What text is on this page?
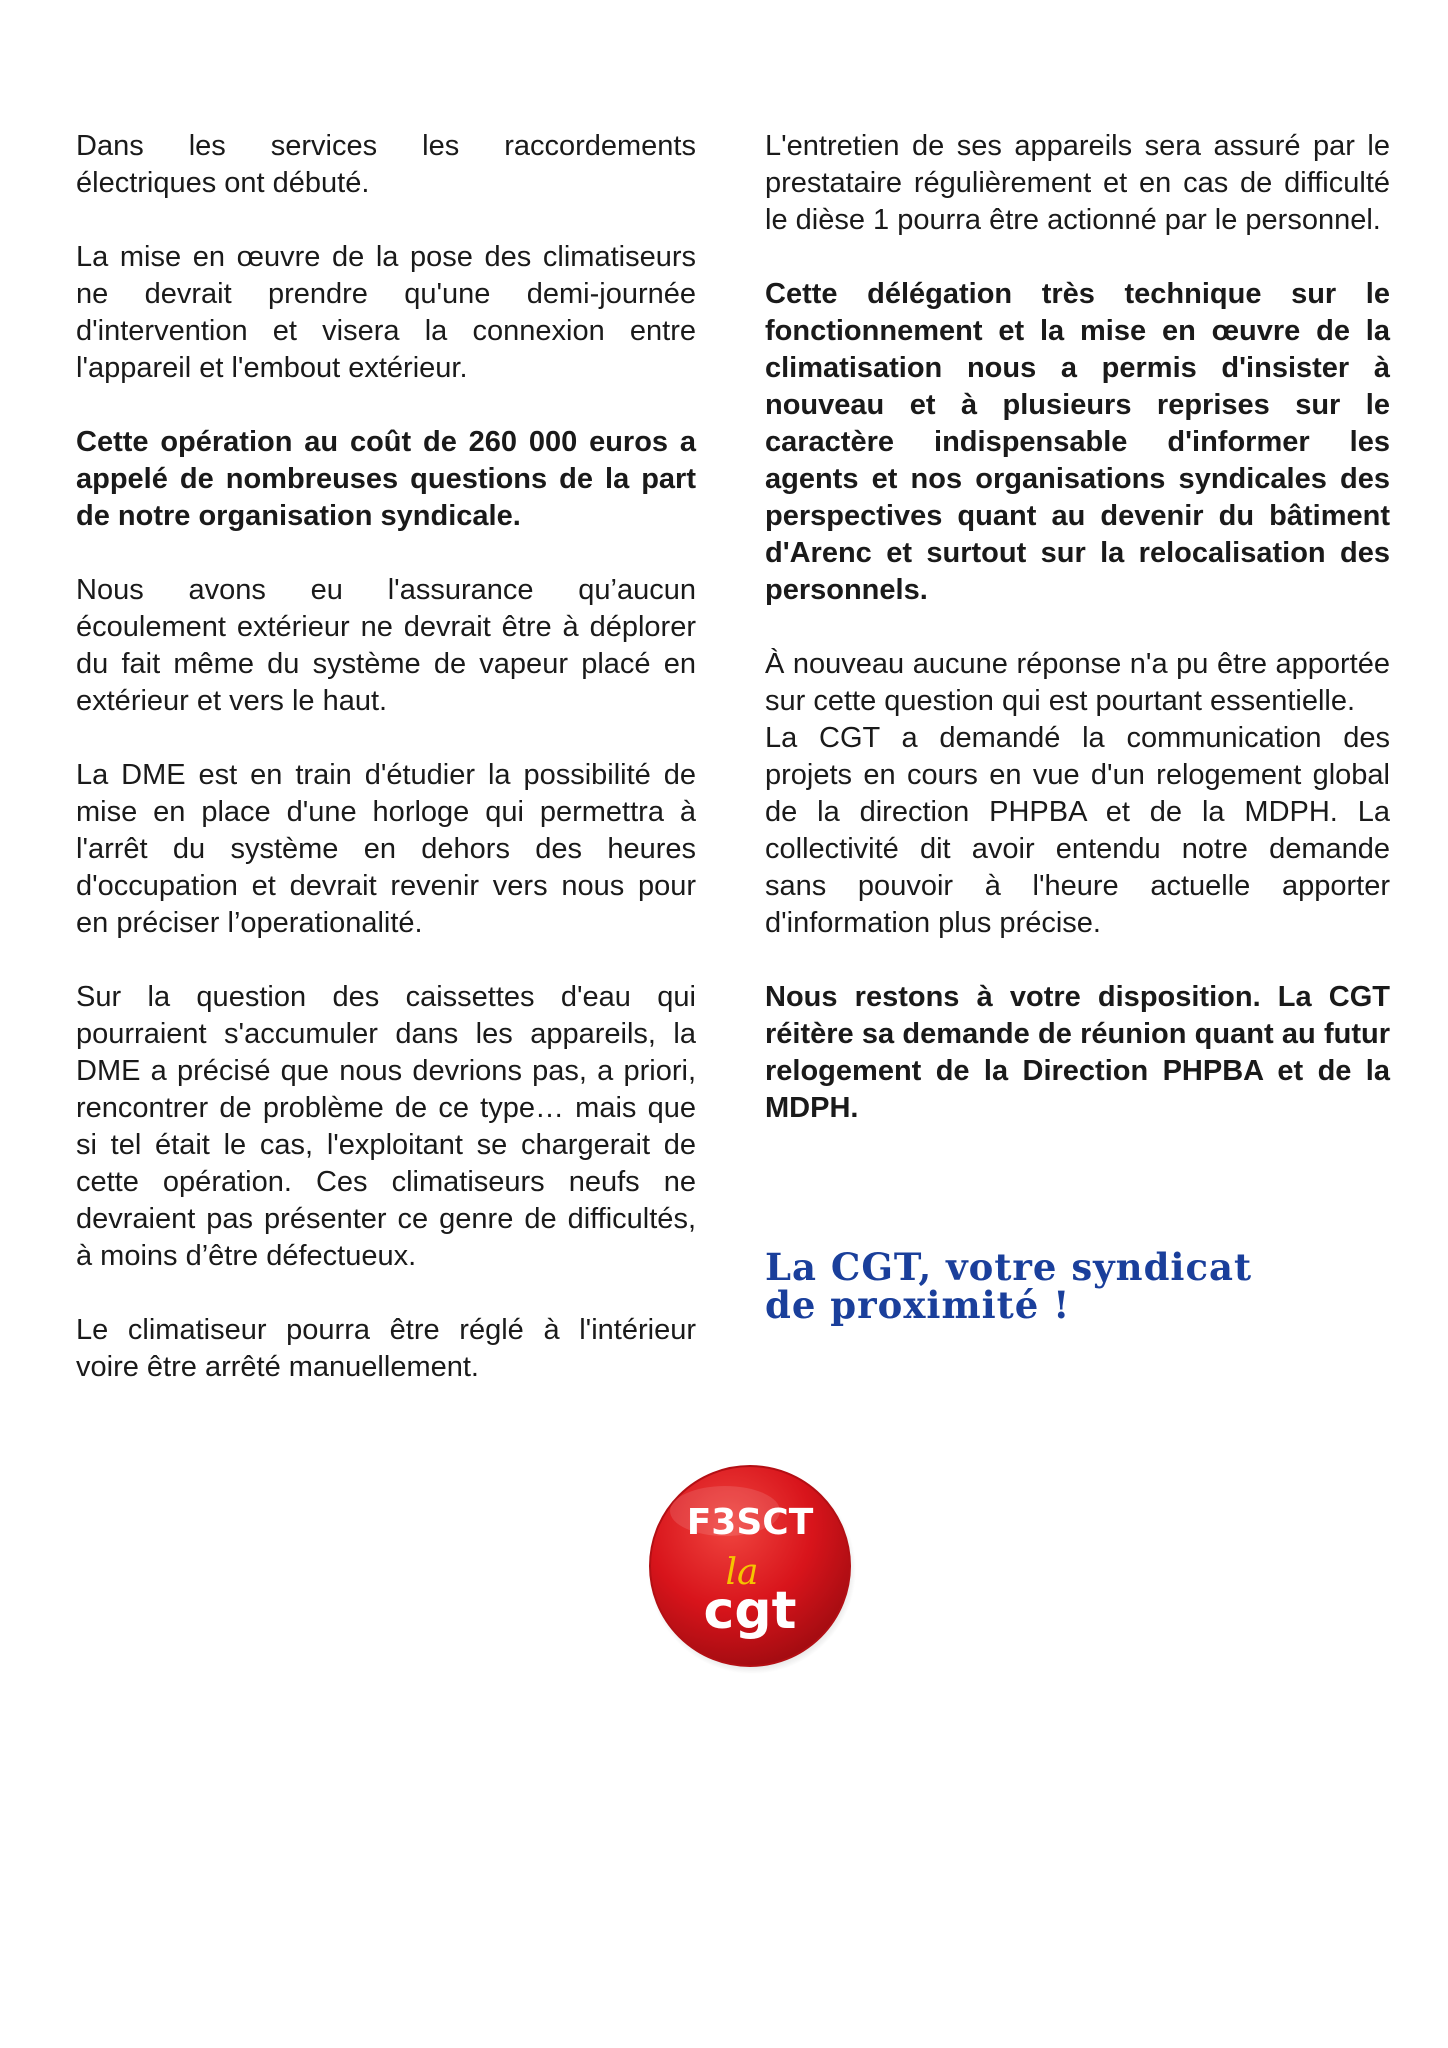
Dans les services les raccordements électriques ont débuté.

La mise en œuvre de la pose des climatiseurs ne devrait prendre qu'une demi-journée d'intervention et visera la connexion entre l'appareil et l'embout extérieur.

Cette opération au coût de 260 000 euros a appelé de nombreuses questions de la part de notre organisation syndicale.

Nous avons eu l'assurance qu’aucun écoulement extérieur ne devrait être à déplorer du fait même du système de vapeur placé en extérieur et vers le haut.

La DME est en train d'étudier la possibilité de mise en place d'une horloge qui permettra à l'arrêt du système en dehors des heures d'occupation et devrait revenir vers nous pour en préciser l’operationalité.

Sur la question des caissettes d'eau qui pourraient s'accumuler dans les appareils, la DME a précisé que nous devrions pas, a priori, rencontrer de problème de ce type… mais que si tel était le cas, l'exploitant se chargerait de cette opération. Ces climatiseurs neufs ne devraient pas présenter ce genre de difficultés, à moins d’être défectueux.

Le climatiseur pourra être réglé à l'intérieur voire être arrêté manuellement.

L'entretien de ses appareils sera assuré par le prestataire régulièrement et en cas de difficulté le dièse 1 pourra être actionné par le personnel.

Cette délégation très technique sur le fonctionnement et la mise en œuvre de la climatisation nous a permis d'insister à nouveau et à plusieurs reprises sur le caractère indispensable d'informer les agents et nos organisations syndicales des perspectives quant au devenir du bâtiment d'Arenc et surtout sur la relocalisation des personnels.

À nouveau aucune réponse n'a pu être apportée sur cette question qui est pourtant essentielle.

La CGT a demandé la communication des projets en cours en vue d'un relogement global de la direction PHPBA et de la MDPH. La collectivité dit avoir entendu notre demande sans pouvoir à l'heure actuelle apporter d'information plus précise.

Nous restons à votre disposition. La CGT réitère sa demande de réunion quant au futur relogement de la Direction PHPBA et de la MDPH.

La CGT, votre syndicat
de proximité !
F3SCT
la
cgt
